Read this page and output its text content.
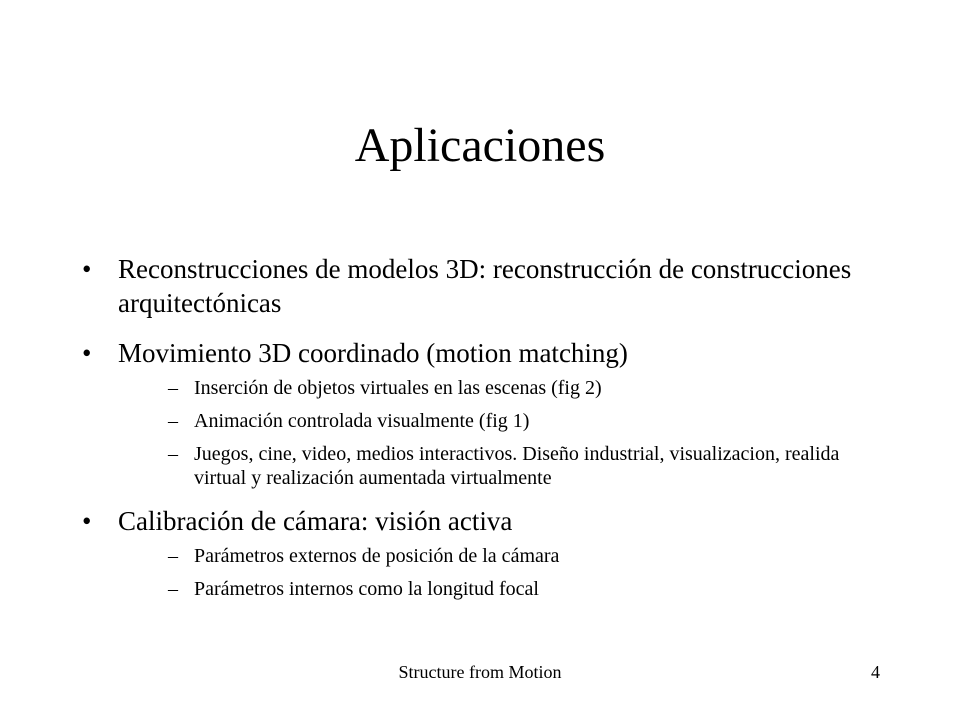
Aplicaciones
• Reconstrucciones de modelos 3D: reconstrucción de construcciones arquitectónicas
• Movimiento 3D coordinado (motion matching)
– Inserción de objetos virtuales en las escenas (fig 2)
– Animación controlada visualmente (fig 1)
– Juegos, cine, video, medios interactivos. Diseño industrial, visualizacion, realida virtual y realización aumentada virtualmente
• Calibración de cámara: visión activa
– Parámetros externos de posición de la cámara
– Parámetros internos como la longitud focal
Structure from Motion	4
